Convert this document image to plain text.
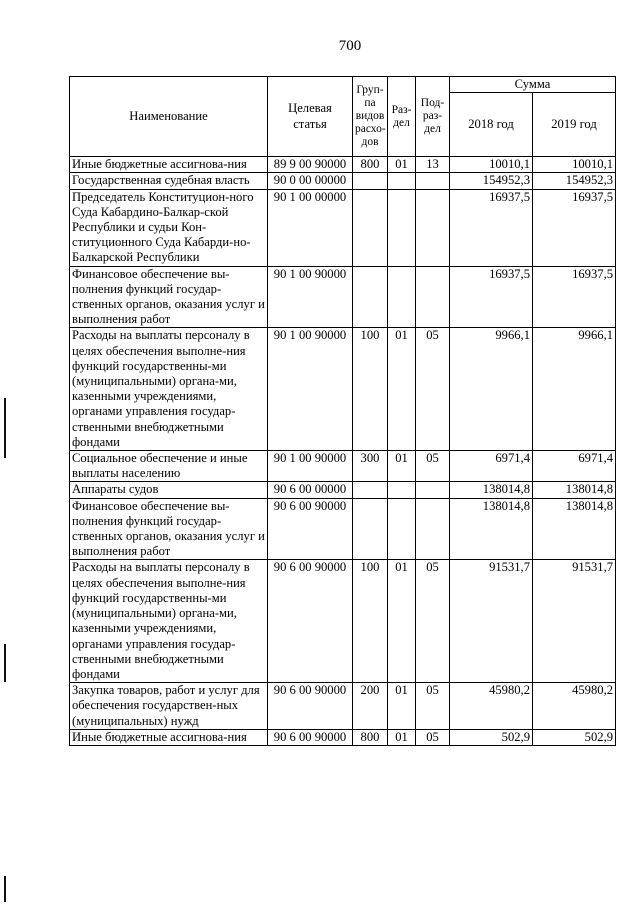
700
Наименование	Целевая статья	Груп-па видов расхо-дов	Раз-дел	Под-раз-дел	Сумма	
					2018 год	2019 год
Иные бюджетные ассигнова-ния	89 9 00 90000	800	01	13	10010,1	10010,1
Государственная судебная власть	90 0 00 00000				154952,3	154952,3
Председатель Конституцион-ного Суда Кабардино-Балкар-ской Республики и судьи Кон-ституционного Суда Кабарди-но-Балкарской Республики	90 1 00 00000				16937,5	16937,5
Финансовое обеспечение вы-полнения функций государ-ственных органов, оказания услуг и выполнения работ	90 1 00 90000				16937,5	16937,5
Расходы на выплаты персоналу в целях обеспечения выполне-ния функций государственны-ми (муниципальными) органа-ми, казенными учреждениями, органами управления государ-ственными внебюджетными фондами	90 1 00 90000	100	01	05	9966,1	9966,1
Социальное обеспечение и иные выплаты населению	90 1 00 90000	300	01	05	6971,4	6971,4
Аппараты судов	90 6 00 00000				138014,8	138014,8
Финансовое обеспечение вы-полнения функций государ-ственных органов, оказания услуг и выполнения работ	90 6 00 90000				138014,8	138014,8
Расходы на выплаты персоналу в целях обеспечения выполне-ния функций государственны-ми (муниципальными) органа-ми, казенными учреждениями, органами управления государ-ственными внебюджетными фондами	90 6 00 90000	100	01	05	91531,7	91531,7
Закупка товаров, работ и услуг для обеспечения государствен-ных (муниципальных) нужд	90 6 00 90000	200	01	05	45980,2	45980,2
Иные бюджетные ассигнова-ния	90 6 00 90000	800	01	05	502,9	502,9
